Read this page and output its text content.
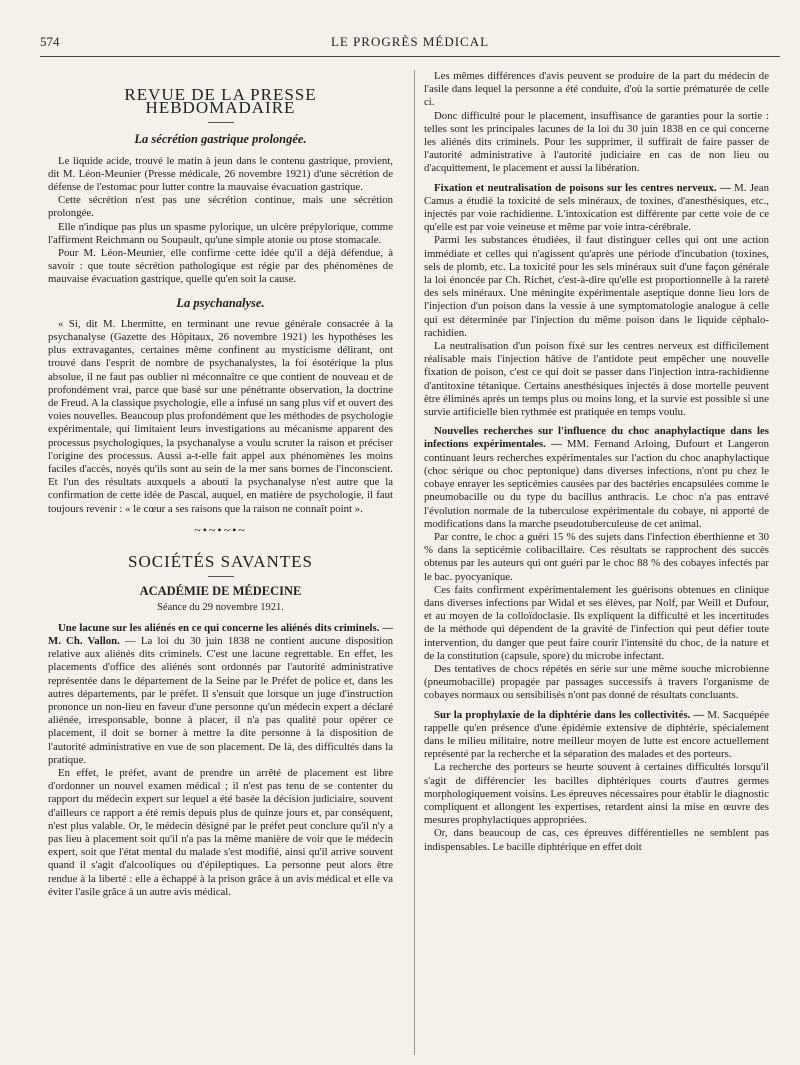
574	LE PROGRÈS MÉDICAL
REVUE DE LA PRESSE HEBDOMADAIRE
La sécrétion gastrique prolongée.

Le liquide acide, trouvé le matin à jeun dans le contenu gastrique, provient, dit M. Léon-Meunier (Presse médicale, 26 novembre 1921) d'une sécrétion de défense de l'estomac pour lutter contre la mauvaise évacuation gastrique.

Cette sécrétion n'est pas une sécrétion continue, mais une sécrétion prolongée.

Elle n'indique pas plus un spasme pylorique, un ulcère prépylorique, comme l'affirment Reichmann ou Soupault, qu'une simple atonie ou ptose stomacale.

Pour M. Léon-Meunier, elle confirme cette idée qu'il a déjà défendue, à savoir : que toute sécrétion pathologique est régie par des phénomènes de mauvaise évacuation gastrique, quelle qu'en soit la cause.

La psychanalyse.

« Si, dit M. Lhermitte, en terminant une revue générale consacrée à la psychanalyse (Gazette des Hôpitaux, 26 novembre 1921) les hypothèses les plus extravagantes, certaines même confinent au mysticisme délirant, ont trouvé dans l'esprit de nombre de psychanalystes, la foi ésotérique la plus absolue, il ne faut pas oublier ni méconnaître ce que contient de nouveau et de profondément vrai, parce que basé sur une pénétrante observation, la doctrine de Freud. A la classique psychologie, elle a infusé un sang plus vif et ouvert des voies nouvelles. Beaucoup plus profondément que les méthodes de psychologie expérimentale, qui limitaient leurs investigations au mécanisme apparent des processus psychologiques, la psychanalyse a voulu scruter la raison et préciser l'origine des processus. Aussi a-t-elle fait appel aux phénomènes les moins faciles d'accès, noyés qu'ils sont au sein de la mer sans bornes de l'inconscient. Et l'un des résultats auxquels a abouti la psychanalyse n'est autre que la confirmation de cette idée de Pascal, auquel, en matière de psychologie, il faut toujours revenir : « le cœur a ses raisons que la raison ne connaît point ».

~•~•~•~
SOCIÉTÉS SAVANTES
ACADÉMIE DE MÉDECINE
Séance du 29 novembre 1921.

Une lacune sur les aliénés en ce qui concerne les aliénés dits criminels. — M. Ch. Vallon. — La loi du 30 juin 1838 ne contient aucune disposition relative aux aliénés dits criminels. C'est une lacune regrettable. En effet, les placements d'office des aliénés sont ordonnés par l'autorité administrative représentée dans le département de la Seine par le Préfet de police et, dans les autres départements, par le préfet. Il s'ensuit que lorsque un juge d'instruction prononce un non-lieu en faveur d'une personne qu'un médecin expert a déclaré aliénée, irresponsable, bonne à placer, il n'a pas qualité pour opérer ce placement, il doit se borner à mettre la dite personne à la disposition de l'autorité administrative en vue de son placement. De là, des difficultés dans la pratique.

En effet, le préfet, avant de prendre un arrêté de placement est libre d'ordonner un nouvel examen médical ; il n'est pas tenu de se contenter du rapport du médecin expert sur lequel a été basée la décision judiciaire, souvent d'ailleurs ce rapport a été remis depuis plus de quinze jours et, par conséquent, n'est plus valable. Or, le médecin désigné par le préfet peut conclure qu'il n'y a pas lieu à placement soit qu'il n'a pas la même manière de voir que le médecin expert, soit que l'état mental du malade s'est modifié, ainsi qu'il arrive souvent quand il s'agit d'alcooliques ou d'épileptiques. La personne peut alors être rendue à la liberté : elle a échappé à la prison grâce à un avis médical et elle va éviter l'asile grâce à un autre avis médical.

Les mêmes différences d'avis peuvent se produire de la part du médecin de l'asile dans lequel la personne a été conduite, d'où la sortie prématurée de celle ci.

Donc difficulté pour le placement, insuffisance de garanties pour la sortie : telles sont les principales lacunes de la loi du 30 juin 1838 en ce qui concerne les aliénés dits criminels. Pour les supprimer, il suffirait de faire passer de l'autorité administrative à l'autorité judiciaire en cas de non lieu ou d'acquittement, le placement et aussi la libération.

Fixation et neutralisation de poisons sur les centres nerveux. — M. Jean Camus a étudié la toxicité de sels minéraux, de toxines, d'anesthésiques, etc., injectés par voie rachidienne. L'intoxication est différente par cette voie de ce qu'elle est par voie veineuse et même par voie intra-cérébrale.

Parmi les substances étudiées, il faut distinguer celles qui ont une action immédiate et celles qui n'agissent qu'après une période d'incubation (toxines, sels de plomb, etc. La toxicité pour les sels minéraux suit d'une façon générale la loi énoncée par Ch. Richet, c'est-à-dire qu'elle est proportionnelle à la rareté des sels minéraux. Une méningite expérimentale aseptique donne lieu lors de l'injection d'un poison dans la vessie à une symptomatologie analogue à celle qui est déterminée par l'injection du même poison dans le liquide céphalo-rachidien.

La neutralisation d'un poison fixé sur les centres nerveux est difficilement réalisable mais l'injection hâtive de l'antidote peut empêcher une nouvelle fixation de poison, c'est ce qui doit se passer dans l'injection intra-rachidienne d'antitoxine tétanique. Certains anesthésiques injectés à dose mortelle peuvent être éliminés après un temps plus ou moins long, et la survie est possible si une survie artificielle bien rythmée est pratiquée en temps voulu.

Nouvelles recherches sur l'influence du choc anaphylactique dans les infections expérimentales. — MM. Fernand Arloing, Dufourt et Langeron continuant leurs recherches expérimentales sur l'action du choc anaphylactique (choc sérique ou choc peptonique) dans diverses infections, n'ont pu chez le cobaye enrayer les septicémies causées par des bactéries encapsulées comme le pneumobacille ou du type du bacillus anthracis. Le choc n'a pas entravé l'évolution normale de la tuberculose expérimentale du cobaye, ni apporté de modifications dans la marche pseudotuberculeuse de cet animal.

Par contre, le choc a guéri 15 % des sujets dans l'infection éberthienne et 30 % dans la septicémie colibacillaire. Ces résultats se rapprochent des succès obtenus par les auteurs qui ont guéri par le choc 88 % des cobayes infectés par le bac. pyocyanique.

Ces faits confirment expérimentalement les guérisons obtenues en clinique dans diverses infections par Widal et ses élèves, par Nolf, par Weill et Dufour, et au moyen de la colloïdoclasie. Ils expliquent la difficulté et les incertitudes de la méthode qui dépendent de la gravité de l'infection qui peut défier toute intervention, du danger que peut faire courir l'intensité du choc, de la nature et de la constitution (capsule, spore) du microbe infectant.

Des tentatives de chocs répétés en série sur une même souche microbienne (pneumobacille) propagée par passages successifs à travers l'organisme de cobayes normaux ou sensibilisés n'ont pas donné de résultats concluants.

Sur la prophylaxie de la diphtérie dans les collectivités. — M. Sacquépée rappelle qu'en présence d'une épidémie extensive de diphtérie, spécialement dans le milieu militaire, notre meilleur moyen de lutte est encore actuellement représenté par la recherche et la séparation des malades et des porteurs.

La recherche des porteurs se heurte souvent à certaines difficultés lorsqu'il s'agit de différencier les bacilles diphtériques courts d'autres germes morphologiquement voisins. Les épreuves nécessaires pour établir le diagnostic compliquent et allongent les expertises, retardent ainsi la mise en œuvre des mesures prophylactiques appropriées.

Or, dans beaucoup de cas, ces épreuves différentielles ne semblent pas indispensables. Le bacille diphtérique en effet doit
